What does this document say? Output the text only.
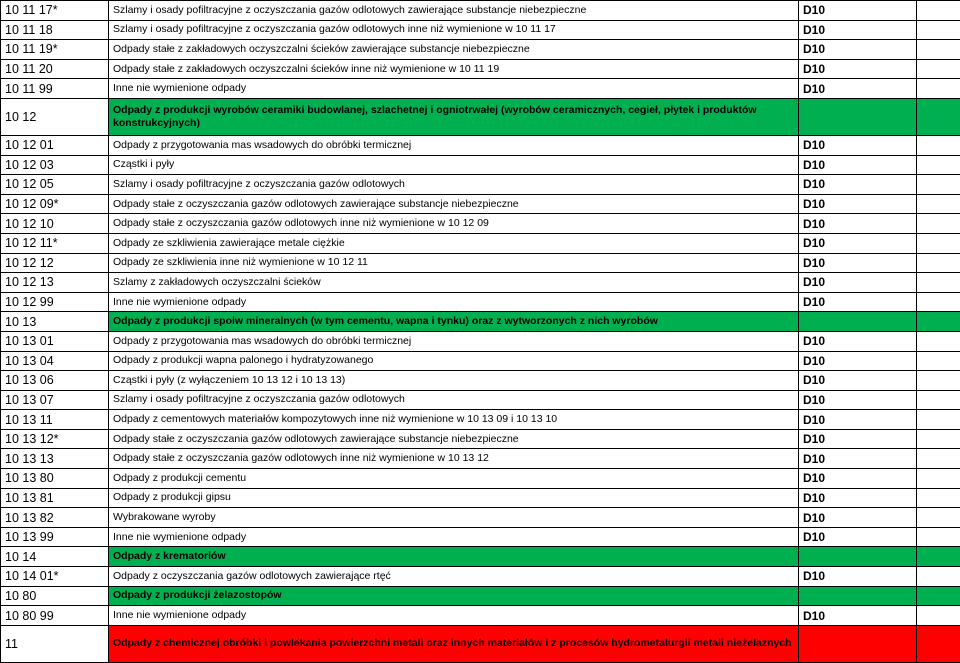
10 11 17*	Szlamy i osady pofiltracyjne z oczyszczania gazów odlotowych zawierające substancje niebezpieczne	D10	
10 11 18	Szlamy i osady pofiltracyjne z oczyszczania gazów odlotowych inne niż wymienione w 10 11 17	D10	
10 11 19*	Odpady stałe z zakładowych oczyszczalni ścieków zawierające substancje niebezpieczne	D10	
10 11 20	Odpady stałe z zakładowych oczyszczalni ścieków inne niż wymienione w 10 11 19	D10	
10 11 99	Inne nie wymienione odpady	D10	
10 12	Odpady z produkcji wyrobów ceramiki budowlanej, szlachetnej i ogniotrwałej (wyrobów ceramicznych, cegieł, płytek i produktów konstrukcyjnych)		
10 12 01	Odpady z przygotowania mas wsadowych do obróbki termicznej	D10	
10 12 03	Cząstki i pyły	D10	
10 12 05	Szlamy i osady pofiltracyjne z oczyszczania gazów odlotowych	D10	
10 12 09*	Odpady stałe z oczyszczania gazów odlotowych zawierające substancje niebezpieczne	D10	
10 12 10	Odpady stałe z oczyszczania gazów odlotowych inne niż wymienione w 10 12 09	D10	
10 12 11*	Odpady ze szkliwienia zawierające metale ciężkie	D10	
10 12 12	Odpady ze szkliwienia inne niż wymienione w 10 12 11	D10	
10 12 13	Szlamy z zakładowych oczyszczalni ścieków	D10	
10 12 99	Inne nie wymienione odpady	D10	
10 13	Odpady z produkcji spoiw mineralnych (w tym cementu, wapna i tynku) oraz z wytworzonych z nich wyrobów		
10 13 01	Odpady z przygotowania mas wsadowych do obróbki termicznej	D10	
10 13 04	Odpady z produkcji wapna palonego i hydratyzowanego	D10	
10 13 06	Cząstki i pyły (z wyłączeniem 10 13 12 i 10 13 13)	D10	
10 13 07	Szlamy i osady pofiltracyjne z oczyszczania gazów odlotowych	D10	
10 13 11	Odpady z cementowych materiałów kompozytowych inne niż wymienione w 10 13 09 i 10 13 10	D10	
10 13 12*	Odpady stałe z oczyszczania gazów odlotowych zawierające substancje niebezpieczne	D10	
10 13 13	Odpady stałe z oczyszczania gazów odlotowych inne niż wymienione w 10 13 12	D10	
10 13 80	Odpady z produkcji cementu	D10	
10 13 81	Odpady z produkcji gipsu	D10	
10 13 82	Wybrakowane wyroby	D10	
10 13 99	Inne nie wymienione odpady	D10	
10 14	Odpady z krematoriów		
10 14 01*	Odpady z oczyszczania gazów odlotowych zawierające rtęć	D10	
10 80	Odpady z produkcji żelazostopów		
10 80 99	Inne nie wymienione odpady	D10	
11	Odpady z chemicznej obróbki i powlekania powierzchni metali oraz innych materiałów i z procesów hydrometalurgii metali nieżelaznych		
